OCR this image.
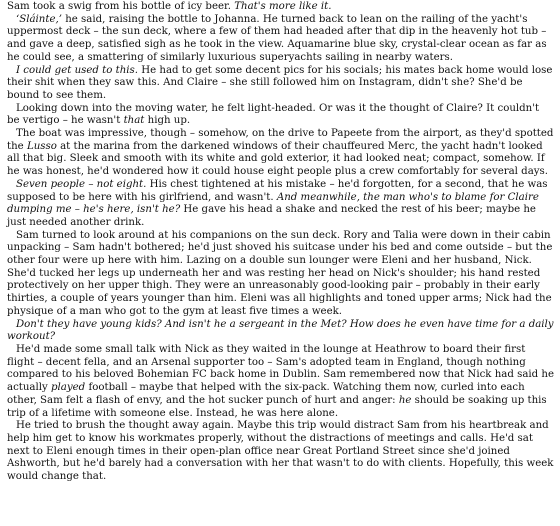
Sam took a swig from his bottle of icy beer. That's more like it.

‘Sláinte,’ he said, raising the bottle to Johanna. He turned back to lean on the railing of the yacht's uppermost deck – the sun deck, where a few of them had headed after that dip in the heavenly hot tub – and gave a deep, satisfied sigh as he took in the view. Aquamarine blue sky, crystal-clear ocean as far as he could see, a smattering of similarly luxurious superyachts sailing in nearby waters.

I could get used to this. He had to get some decent pics for his socials; his mates back home would lose their shit when they saw this. And Claire – she still followed him on Instagram, didn't she? She'd be bound to see them.

Looking down into the moving water, he felt light-headed. Or was it the thought of Claire? It couldn't be vertigo – he wasn't that high up.

The boat was impressive, though – somehow, on the drive to Papeete from the airport, as they'd spotted the Lusso at the marina from the darkened windows of their chauffeured Merc, the yacht hadn't looked all that big. Sleek and smooth with its white and gold exterior, it had looked neat; compact, somehow. If he was honest, he'd wondered how it could house eight people plus a crew comfortably for several days.

Seven people – not eight. His chest tightened at his mistake – he'd forgotten, for a second, that he was supposed to be here with his girlfriend, and wasn't. And meanwhile, the man who's to blame for Claire dumping me – he's here, isn't he? He gave his head a shake and necked the rest of his beer; maybe he just needed another drink.

Sam turned to look around at his companions on the sun deck. Rory and Talia were down in their cabin unpacking – Sam hadn't bothered; he'd just shoved his suitcase under his bed and come outside – but the other four were up here with him. Lazing on a double sun lounger were Eleni and her husband, Nick. She'd tucked her legs up underneath her and was resting her head on Nick's shoulder; his hand rested protectively on her upper thigh. They were an unreasonably good-looking pair – probably in their early thirties, a couple of years younger than him. Eleni was all highlights and toned upper arms; Nick had the physique of a man who got to the gym at least five times a week.

Don't they have young kids? And isn't he a sergeant in the Met? How does he even have time for a daily workout?

He'd made some small talk with Nick as they waited in the lounge at Heathrow to board their first flight – decent fella, and an Arsenal supporter too – Sam's adopted team in England, though nothing compared to his beloved Bohemian FC back home in Dublin. Sam remembered now that Nick had said he actually played football – maybe that helped with the six-pack. Watching them now, curled into each other, Sam felt a flash of envy, and the hot sucker punch of hurt and anger: he should be soaking up this trip of a lifetime with someone else. Instead, he was here alone.

He tried to brush the thought away again. Maybe this trip would distract Sam from his heartbreak and help him get to know his workmates properly, without the distractions of meetings and calls. He'd sat next to Eleni enough times in their open-plan office near Great Portland Street since she'd joined Ashworth, but he'd barely had a conversation with her that wasn't to do with clients. Hopefully, this week would change that.
